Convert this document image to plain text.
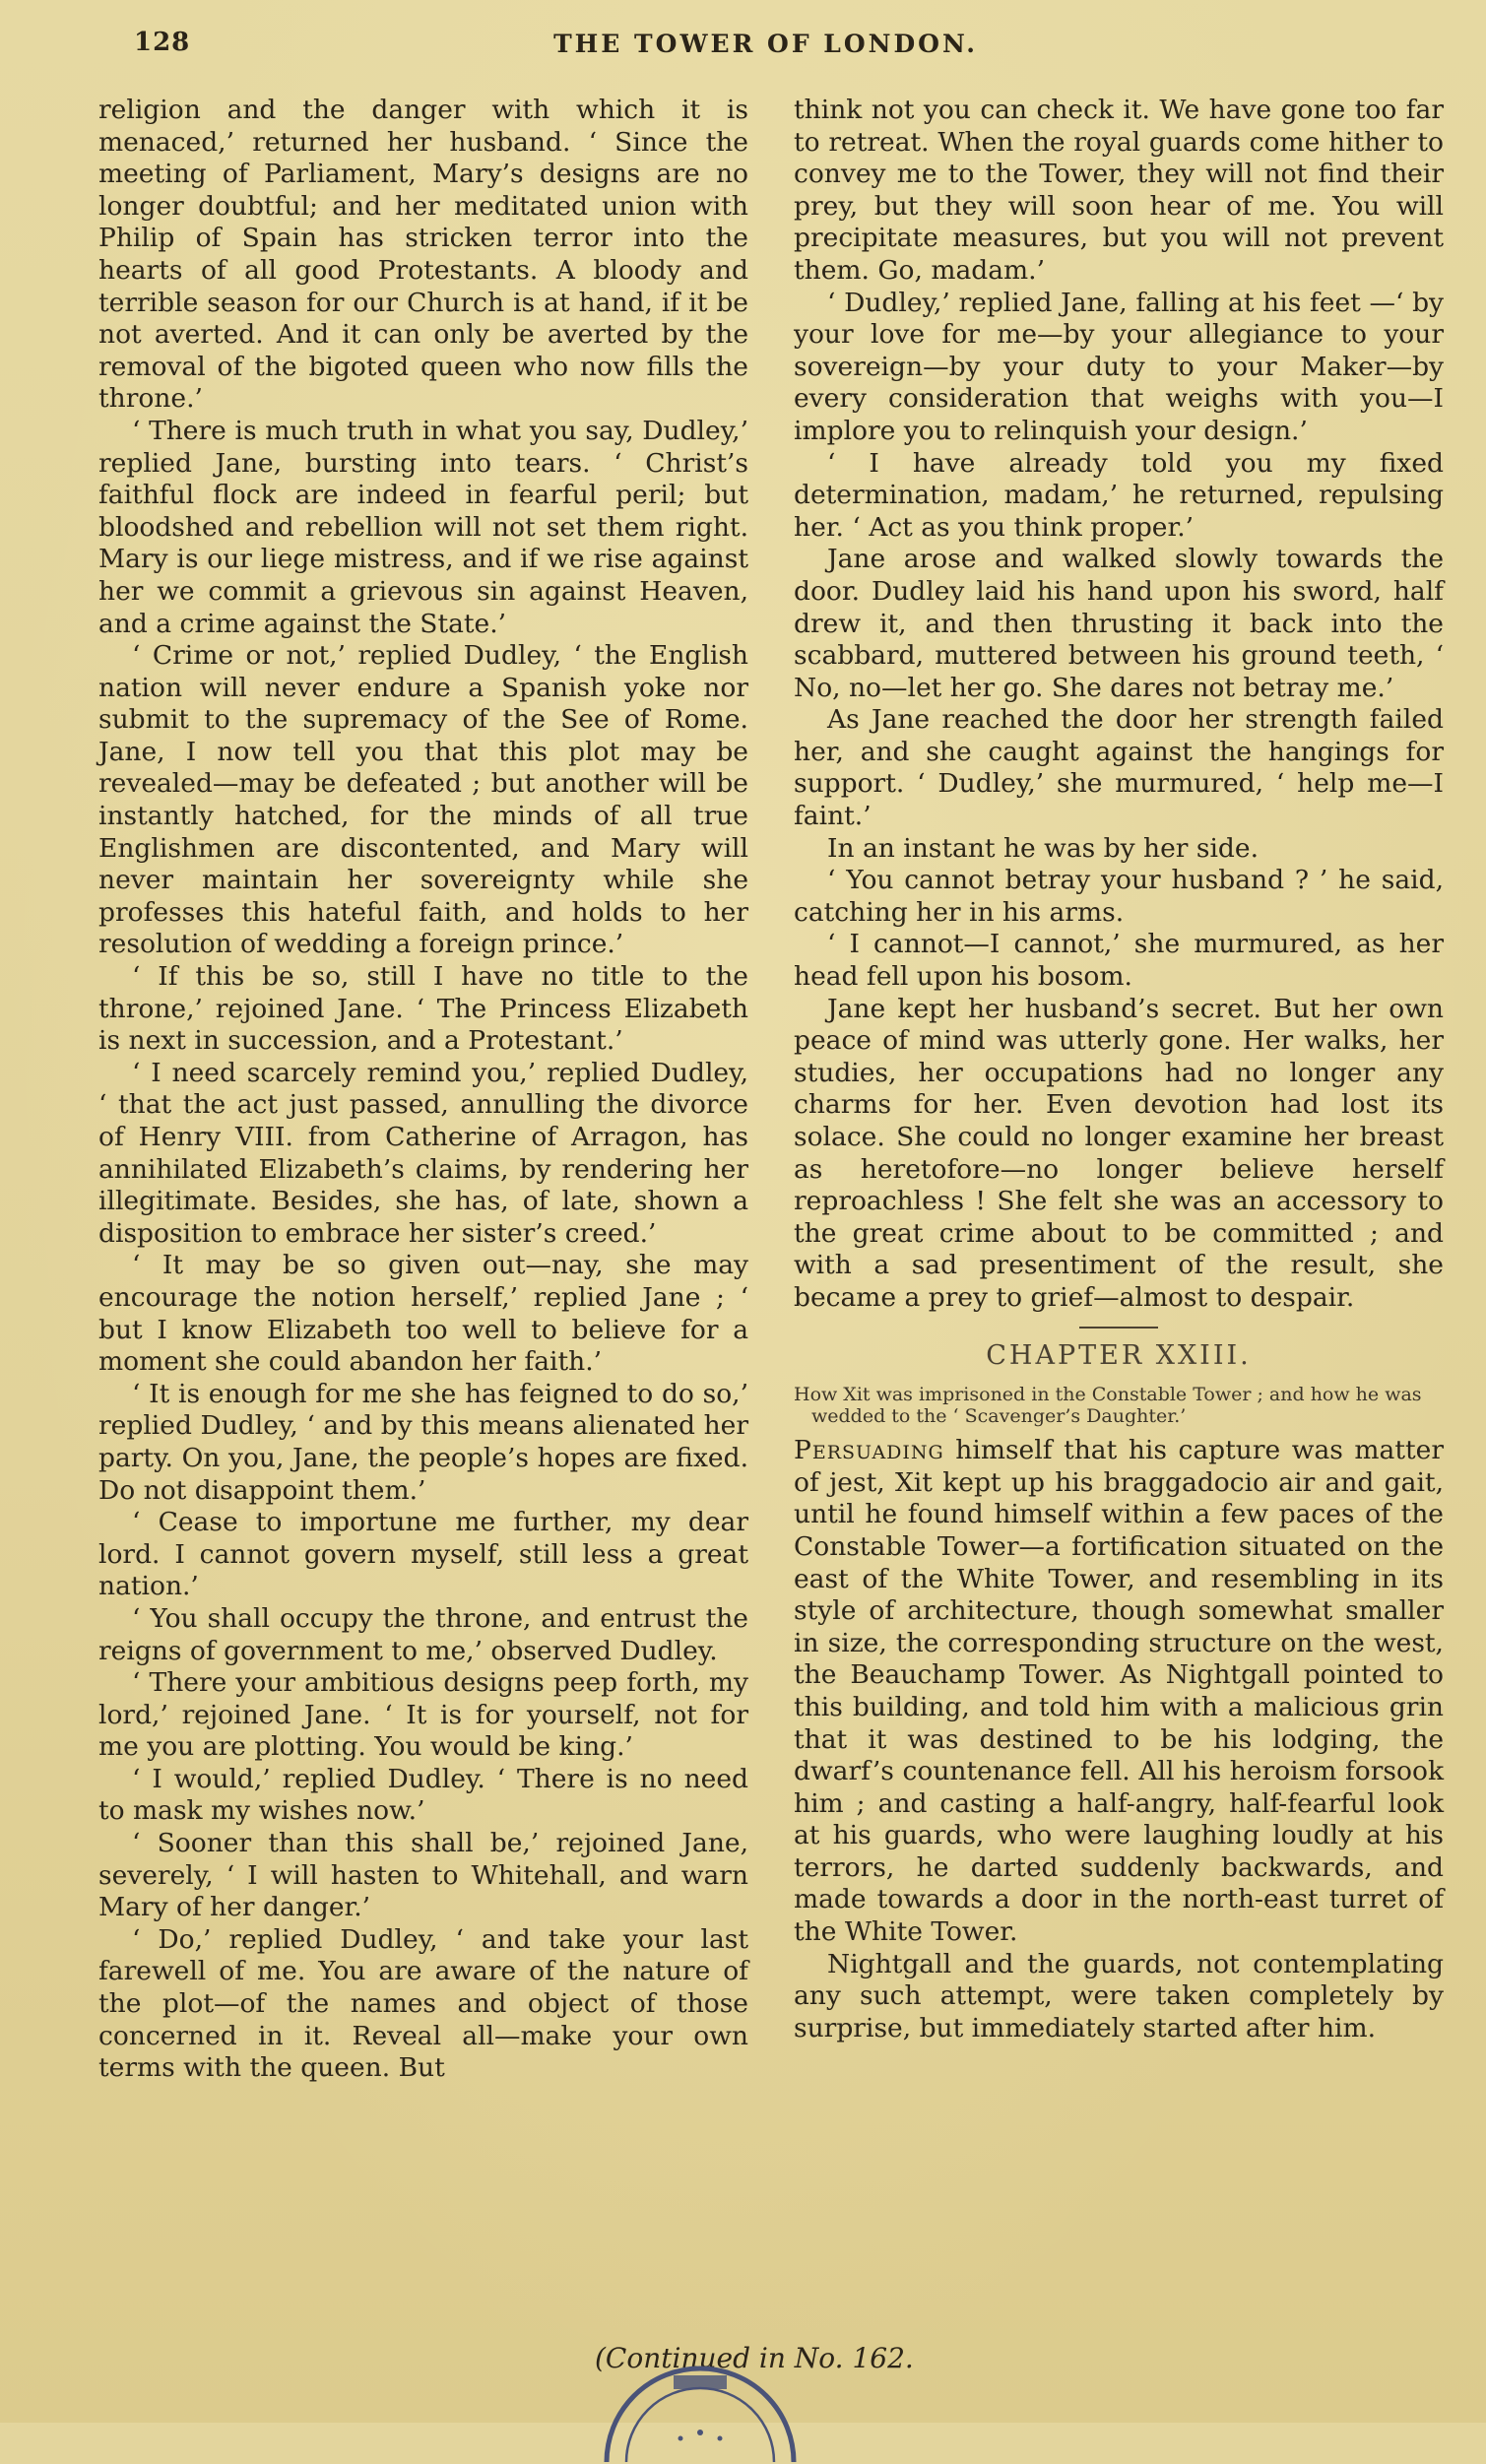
128	THE TOWER OF LONDON.

religion and the danger with which it is menaced,’ returned her husband. ‘ Since the meeting of Parliament, Mary’s designs are no longer doubtful; and her meditated union with Philip of Spain has stricken terror into the hearts of all good Protestants. A bloody and terrible season for our Church is at hand, if it be not averted. And it can only be averted by the removal of the bigoted queen who now fills the throne.’

‘ There is much truth in what you say, Dudley,’ replied Jane, bursting into tears. ‘ Christ’s faithful flock are indeed in fearful peril; but bloodshed and rebellion will not set them right. Mary is our liege mistress, and if we rise against her we commit a grievous sin against Heaven, and a crime against the State.’

‘ Crime or not,’ replied Dudley, ‘ the English nation will never endure a Spanish yoke nor submit to the supremacy of the See of Rome. Jane, I now tell you that this plot may be revealed—may be defeated ; but another will be instantly hatched, for the minds of all true Englishmen are discontented, and Mary will never maintain her sovereignty while she professes this hateful faith, and holds to her resolution of wedding a foreign prince.’

‘ If this be so, still I have no title to the throne,’ rejoined Jane. ‘ The Princess Elizabeth is next in succession, and a Protestant.’

‘ I need scarcely remind you,’ replied Dudley, ‘ that the act just passed, annulling the divorce of Henry VIII. from Catherine of Arragon, has annihilated Elizabeth’s claims, by rendering her illegitimate. Besides, she has, of late, shown a disposition to embrace her sister’s creed.’

‘ It may be so given out—nay, she may encourage the notion herself,’ replied Jane ; ‘ but I know Elizabeth too well to believe for a moment she could abandon her faith.’

‘ It is enough for me she has feigned to do so,’ replied Dudley, ‘ and by this means alienated her party. On you, Jane, the people’s hopes are fixed. Do not disappoint them.’

‘ Cease to importune me further, my dear lord. I cannot govern myself, still less a great nation.’

‘ You shall occupy the throne, and entrust the reigns of government to me,’ observed Dudley.

‘ There your ambitious designs peep forth, my lord,’ rejoined Jane. ‘ It is for yourself, not for me you are plotting. You would be king.’

‘ I would,’ replied Dudley. ‘ There is no need to mask my wishes now.’

‘ Sooner than this shall be,’ rejoined Jane, severely, ‘ I will hasten to Whitehall, and warn Mary of her danger.’

‘ Do,’ replied Dudley, ‘ and take your last farewell of me. You are aware of the nature of the plot—of the names and object of those concerned in it. Reveal all—make your own terms with the queen. But

think not you can check it. We have gone too far to retreat. When the royal guards come hither to convey me to the Tower, they will not find their prey, but they will soon hear of me. You will precipitate measures, but you will not prevent them. Go, madam.’

‘ Dudley,’ replied Jane, falling at his feet —‘ by your love for me—by your allegiance to your sovereign—by your duty to your Maker—by every consideration that weighs with you—I implore you to relinquish your design.’

‘ I have already told you my fixed determination, madam,’ he returned, repulsing her. ‘ Act as you think proper.’

Jane arose and walked slowly towards the door. Dudley laid his hand upon his sword, half drew it, and then thrusting it back into the scabbard, muttered between his ground teeth, ‘ No, no—let her go. She dares not betray me.’

As Jane reached the door her strength failed her, and she caught against the hangings for support. ‘ Dudley,’ she murmured, ‘ help me—I faint.’

In an instant he was by her side.

‘ You cannot betray your husband ? ’ he said, catching her in his arms.

‘ I cannot—I cannot,’ she murmured, as her head fell upon his bosom.

Jane kept her husband’s secret. But her own peace of mind was utterly gone. Her walks, her studies, her occupations had no longer any charms for her. Even devotion had lost its solace. She could no longer examine her breast as heretofore—no longer believe herself reproachless ! She felt she was an accessory to the great crime about to be committed ; and with a sad presentiment of the result, she became a prey to grief—almost to despair.

CHAPTER XXIII.
How Xit was imprisoned in the Constable Tower ; and how he was wedded to the ‘ Scavenger’s Daughter.’

Persuading himself that his capture was matter of jest, Xit kept up his braggadocio air and gait, until he found himself within a few paces of the Constable Tower—a fortification situated on the east of the White Tower, and resembling in its style of architecture, though somewhat smaller in size, the corresponding structure on the west, the Beauchamp Tower. As Nightgall pointed to this building, and told him with a malicious grin that it was destined to be his lodging, the dwarf’s countenance fell. All his heroism forsook him ; and casting a half-angry, half-fearful look at his guards, who were laughing loudly at his terrors, he darted suddenly backwards, and made towards a door in the north-east turret of the White Tower.

Nightgall and the guards, not contemplating any such attempt, were taken completely by surprise, but immediately started after him.

(Continued in No. 162.
